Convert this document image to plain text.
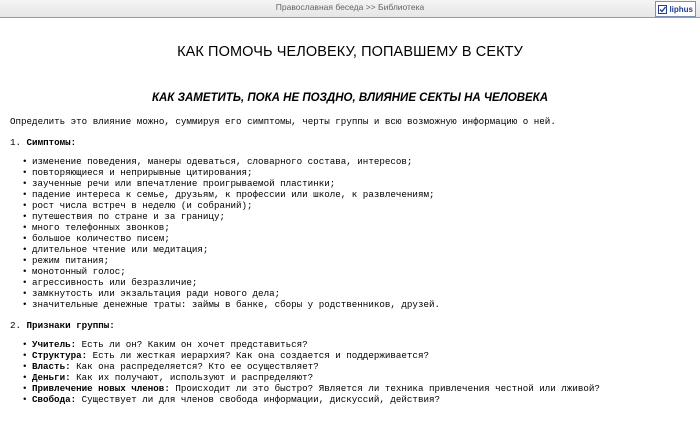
Православная беседа >> Библиотека	liphus
КАК ПОМОЧЬ ЧЕЛОВЕКУ, ПОПАВШЕМУ В СЕКТУ
КАК ЗАМЕТИТЬ, ПОКА НЕ ПОЗДНО, ВЛИЯНИЕ СЕКТЫ НА ЧЕЛОВЕКА

Определить это влияние можно, суммируя его симптомы, черты группы и всю возможную информацию о ней.

1. Симптомы:

• изменение поведения, манеры одеваться, словарного состава, интересов;
• повторяющиеся и неприрывные цитирования;
• заученные речи или впечатление проигрываемой пластинки;
• падение интереса к семье, друзьям, к профессии или школе, к развлечениям;
• рост числа встреч в неделю (и собраний);
• путешествия по стране и за границу;
• много телефонных звонков;
• большое количество писем;
• длительное чтение или медитация;
• режим питания;
• монотонный голос;
• агрессивность или безразличие;
• замкнутость или экзальтация ради нового дела;
• значительные денежные траты: займы в банке, сборы у родственников, друзей.

2. Признаки группы:

• Учитель: Есть ли он? Каким он хочет представиться?
• Структура: Есть ли жесткая иерархия? Как она создается и поддерживается?
• Власть: Как она распределяется? Кто ее осуществляет?
• Деньги: Как их получают, используют и распределяют?
• Привлечение новых членов: Происходит ли это быстро? Является ли техника привлечения честной или лживой?
• Свобода: Существует ли для членов свобода информации, дискуссий, действия?
